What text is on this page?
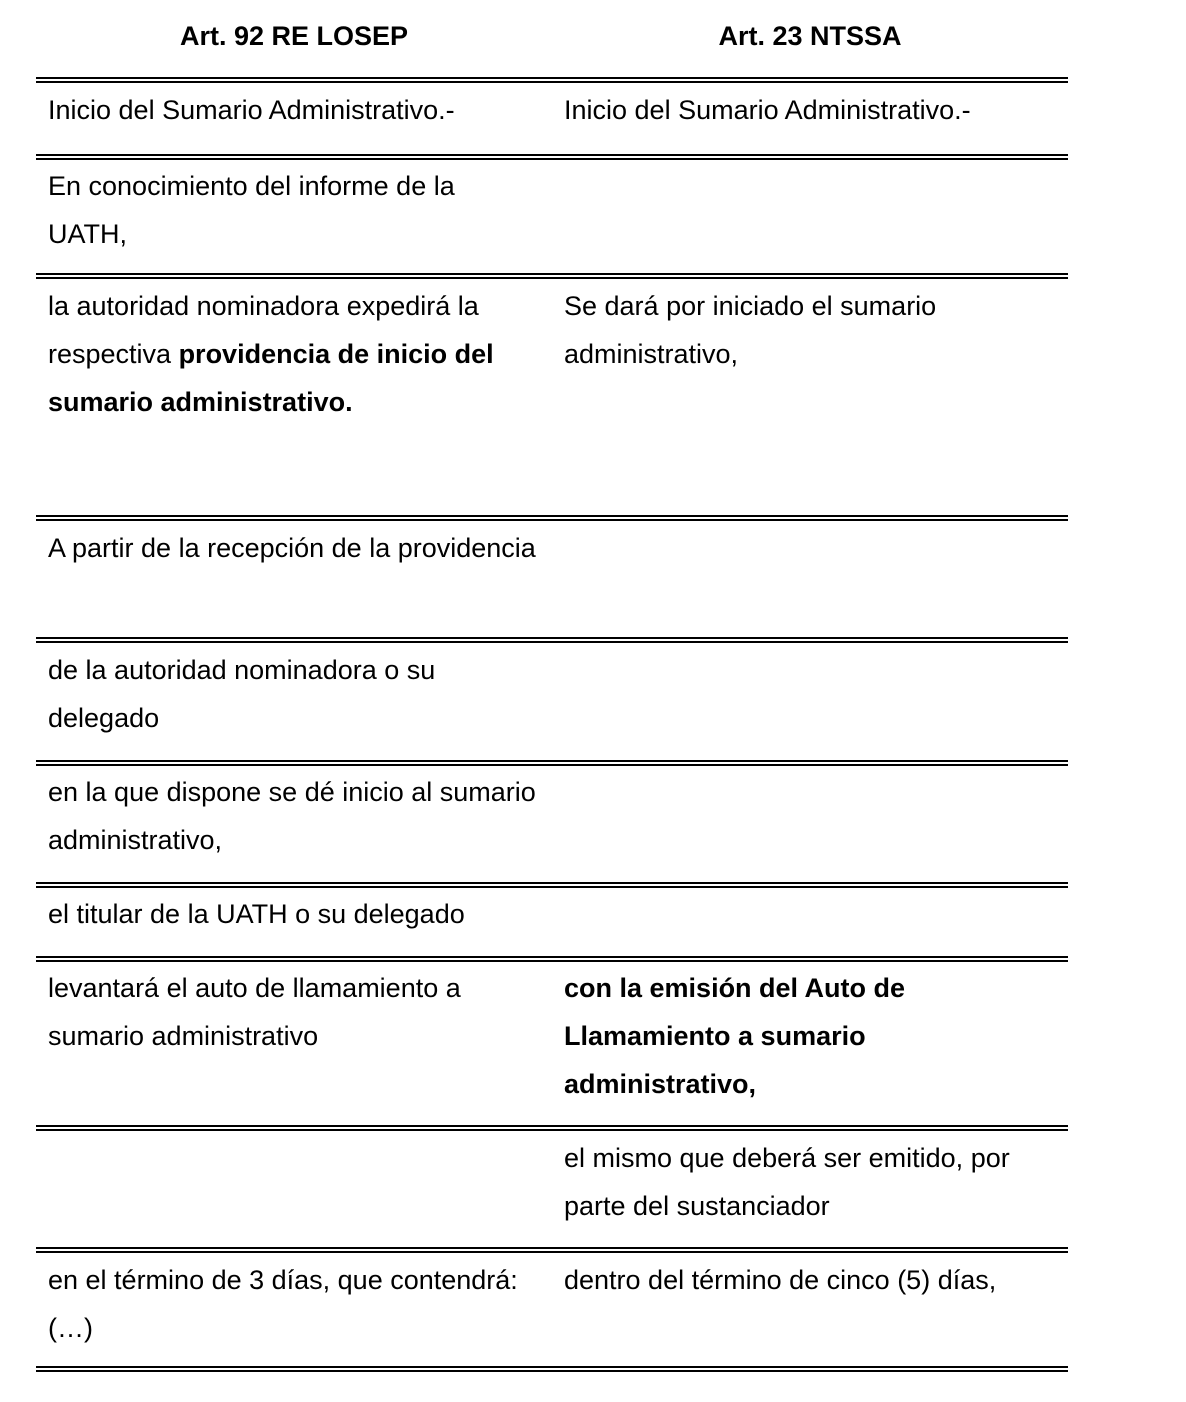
Art. 92 RE LOSEP	Art. 23 NTSSA
Inicio del Sumario Administrativo.-	Inicio del Sumario Administrativo.-
En conocimiento del informe de la UATH,
la autoridad nominadora expedirá la respectiva providencia de inicio del sumario administrativo.
Se dará por iniciado el sumario administrativo,
A partir de la recepción de la providencia
de la autoridad nominadora o su delegado
en la que dispone se dé inicio al sumario administrativo,
el titular de la UATH o su delegado
levantará el auto de llamamiento a sumario administrativo
con la emisión del Auto de Llamamiento a sumario administrativo,
el mismo que deberá ser emitido, por parte del sustanciador
en el término de 3 días, que contendrá: (…)
dentro del término de cinco (5) días,
